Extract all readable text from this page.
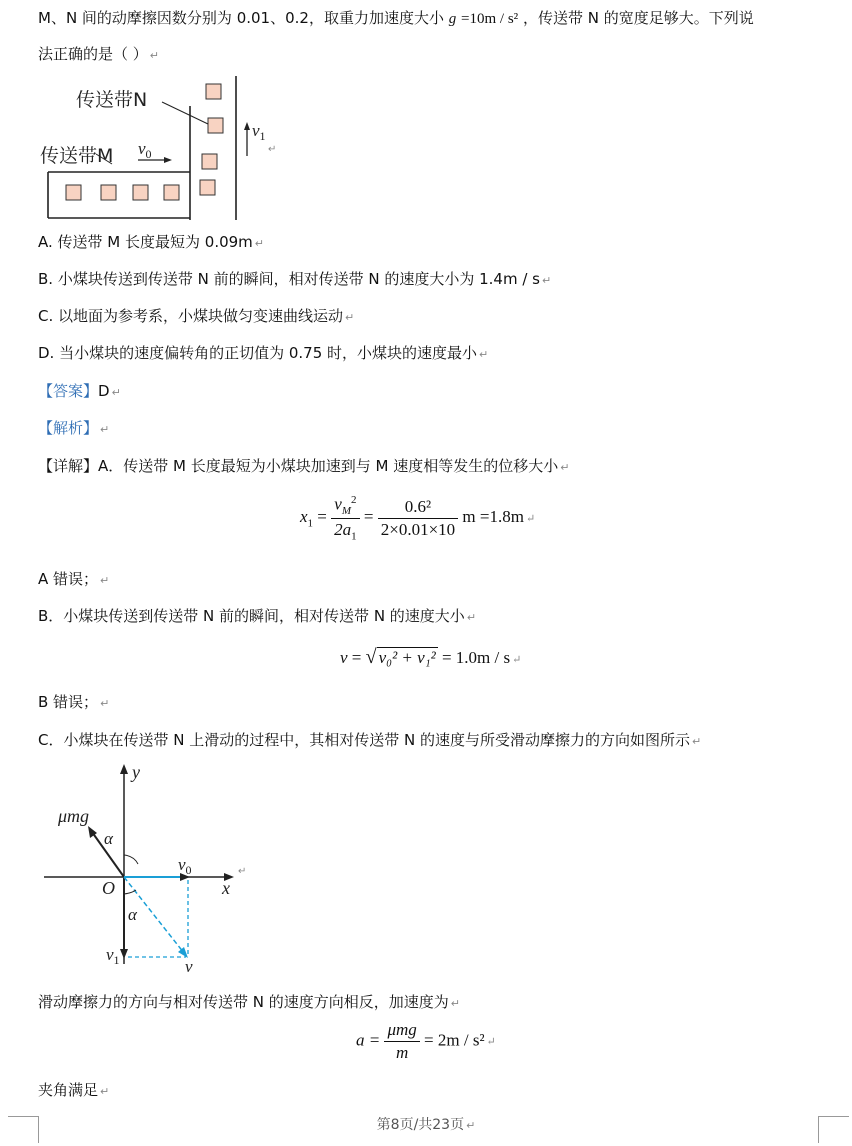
M、N 间的动摩擦因数分别为 0.01、0.2，取重力加速度大小 g =10m / s² ，传送带 N 的宽度足够大。下列说
法正确的是（ ） ↵
传送带N
传送带M $v_0$
$v_1$
↵
A. 传送带 M 长度最短为 0.09m ↵
B. 小煤块传送到传送带 N 前的瞬间，相对传送带 N 的速度大小为 1.4m / s ↵
C. 以地面为参考系，小煤块做匀变速曲线运动 ↵
D. 当小煤块的速度偏转角的正切值为 0.75 时，小煤块的速度最小 ↵
【答案】D ↵
【解析】 ↵
【详解】A．传送带 M 长度最短为小煤块加速到与 M 速度相等发生的位移大小 ↵
$x_1 = \frac{v_M^2}{2a_1} = \frac{\text{0.6²}}{2\times 0.01\times 10}$ m =1.8m ↵
A 错误； ↵
B．小煤块传送到传送带 N 前的瞬间，相对传送带 N 的速度大小 ↵
v = √ v₀² + v₁² = 1.0m / s ↵
B 错误； ↵
C．小煤块在传送带 N 上滑动的过程中，其相对传送带 N 的速度与所受滑动摩擦力的方向如图所示 ↵
y
x
O
μmg
α
$v_0$
$v_1$	v
α
↵
滑动摩擦力的方向与相对传送带 N 的速度方向相反，加速度为 ↵
$a = \frac{\text{μmg}}{m} = 2m / s^2$ ↵
夹角满足 ↵
第8页/共23页 ↵
